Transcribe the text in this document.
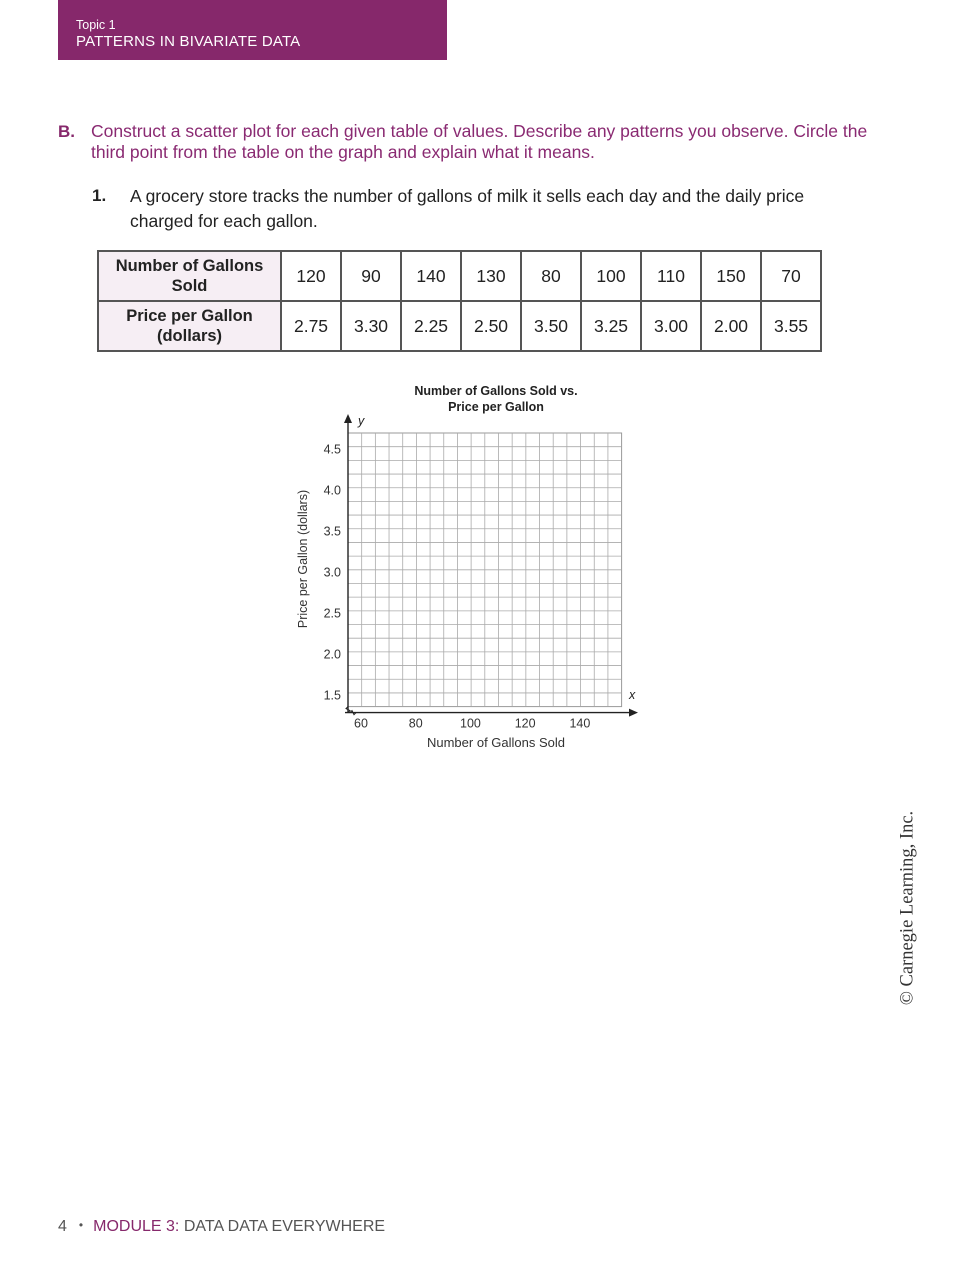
Topic 1
PATTERNS IN BIVARIATE DATA
B. Construct a scatter plot for each given table of values. Describe any patterns you observe. Circle the third point from the table on the graph and explain what it means.

1. A grocery store tracks the number of gallons of milk it sells each day and the daily price charged for each gallon.

Number of Gallons Sold	120	90	140	130	80	100	110	150	70
Price per Gallon (dollars)	2.75	3.30	2.25	2.50	3.50	3.25	3.00	2.00	3.55
Number of Gallons Sold vs.
Price per Gallon
60	80	100	120	140
1.5
2.0
2.5
3.0
3.5
4.0
4.5
y
x
Number of Gallons Sold
Price per Gallon (dollars)
© Carnegie Learning, Inc.
4 • MODULE 3: DATA DATA EVERYWHERE
